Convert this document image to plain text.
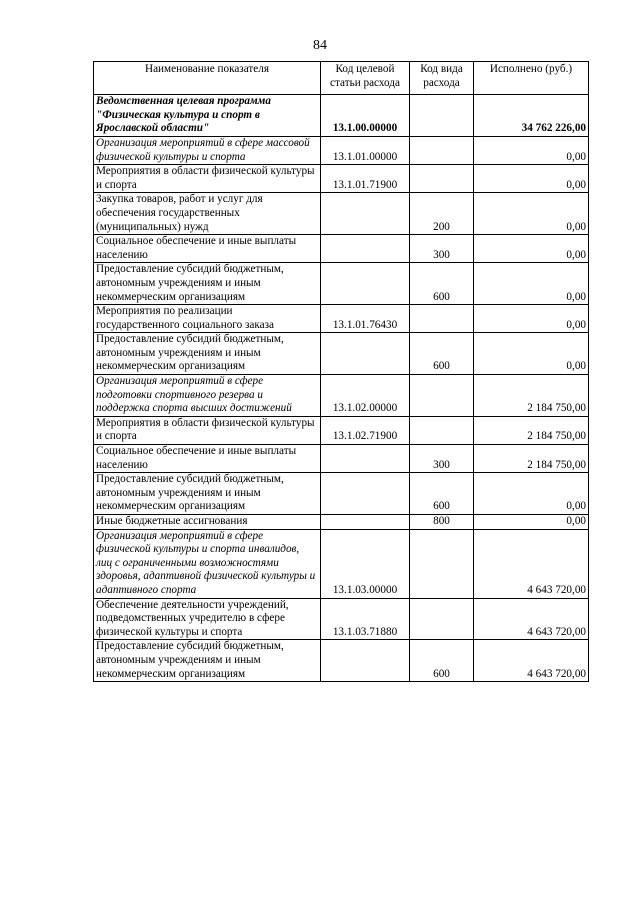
84
Наименование показателя	Код целевой статьи расхода	Код вида расхода	Исполнено (руб.)
Ведомственная целевая программа "Физическая культура и спорт в Ярославской области"	13.1.00.00000		34 762 226,00
Организация мероприятий в сфере массовой физической культуры и спорта	13.1.01.00000		0,00
Мероприятия в области физической культуры и спорта	13.1.01.71900		0,00
Закупка товаров, работ и услуг для обеспечения государственных (муниципальных) нужд		200	0,00
Социальное обеспечение и иные выплаты населению		300	0,00
Предоставление субсидий бюджетным, автономным учреждениям и иным некоммерческим организациям		600	0,00
Мероприятия по реализации государственного социального заказа	13.1.01.76430		0,00
Предоставление субсидий бюджетным, автономным учреждениям и иным некоммерческим организациям		600	0,00
Организация мероприятий в сфере подготовки спортивного резерва и поддержка спорта высших достижений	13.1.02.00000		2 184 750,00
Мероприятия в области физической культуры и спорта	13.1.02.71900		2 184 750,00
Социальное обеспечение и иные выплаты населению		300	2 184 750,00
Предоставление субсидий бюджетным, автономным учреждениям и иным некоммерческим организациям		600	0,00
Иные бюджетные ассигнования		800	0,00
Организация мероприятий в сфере физической культуры и спорта инвалидов, лиц с ограниченными возможностями здоровья, адаптивной физической культуры и адаптивного спорта	13.1.03.00000		4 643 720,00
Обеспечение деятельности учреждений, подведомственных учредителю в сфере физической культуры и спорта	13.1.03.71880		4 643 720,00
Предоставление субсидий бюджетным, автономным учреждениям и иным некоммерческим организациям		600	4 643 720,00
